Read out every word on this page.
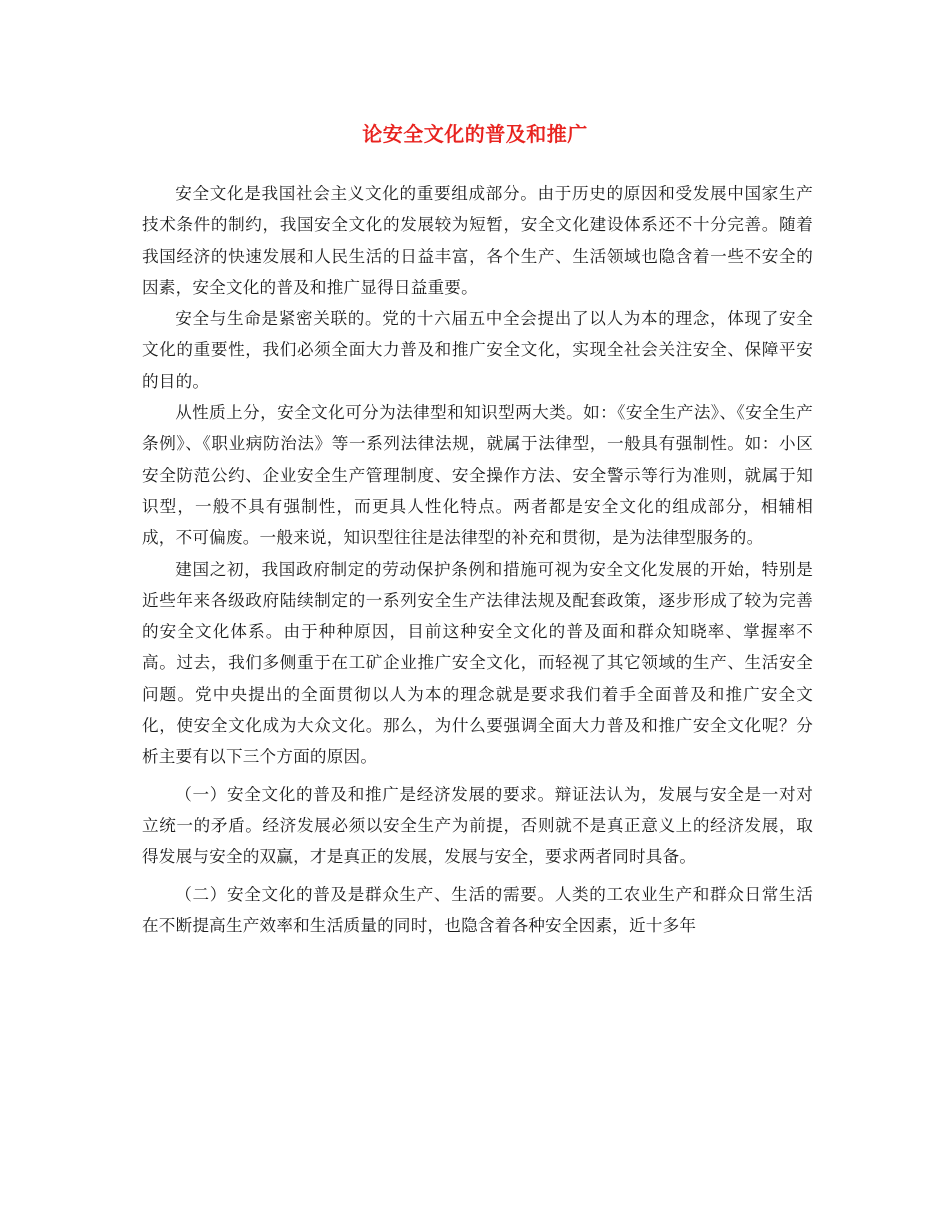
论安全文化的普及和推广

安全文化是我国社会主义文化的重要组成部分。由于历史的原因和受发展中国家生产技术条件的制约，我国安全文化的发展较为短暂，安全文化建设体系还不十分完善。随着我国经济的快速发展和人民生活的日益丰富，各个生产、生活领域也隐含着一些不安全的因素，安全文化的普及和推广显得日益重要。

安全与生命是紧密关联的。党的十六届五中全会提出了以人为本的理念，体现了安全文化的重要性，我们必须全面大力普及和推广安全文化，实现全社会关注安全、保障平安的目的。

从性质上分，安全文化可分为法律型和知识型两大类。如：《安全生产法》、《安全生产条例》、《职业病防治法》等一系列法律法规，就属于法律型，一般具有强制性。如：小区安全防范公约、企业安全生产管理制度、安全操作方法、安全警示等行为准则，就属于知识型，一般不具有强制性，而更具人性化特点。两者都是安全文化的组成部分，相辅相成，不可偏废。一般来说，知识型往往是法律型的补充和贯彻，是为法律型服务的。

建国之初，我国政府制定的劳动保护条例和措施可视为安全文化发展的开始，特别是近些年来各级政府陆续制定的一系列安全生产法律法规及配套政策，逐步形成了较为完善的安全文化体系。由于种种原因，目前这种安全文化的普及面和群众知晓率、掌握率不高。过去，我们多侧重于在工矿企业推广安全文化，而轻视了其它领域的生产、生活安全问题。党中央提出的全面贯彻以人为本的理念就是要求我们着手全面普及和推广安全文化，使安全文化成为大众文化。那么，为什么要强调全面大力普及和推广安全文化呢？分析主要有以下三个方面的原因。

（一）安全文化的普及和推广是经济发展的要求。辩证法认为，发展与安全是一对对立统一的矛盾。经济发展必须以安全生产为前提，否则就不是真正意义上的经济发展，取得发展与安全的双赢，才是真正的发展，发展与安全，要求两者同时具备。

（二）安全文化的普及是群众生产、生活的需要。人类的工农业生产和群众日常生活在不断提高生产效率和生活质量的同时，也隐含着各种安全因素，近十多年
